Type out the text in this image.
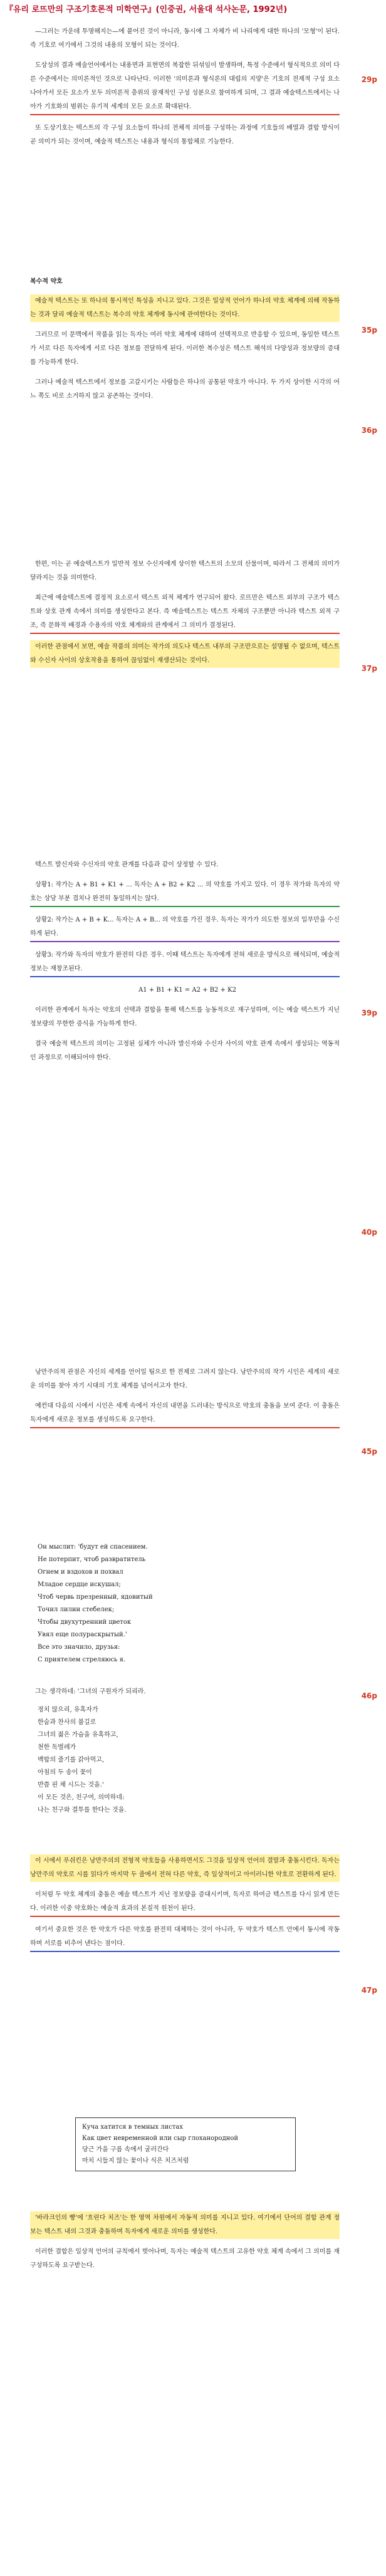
『유리 로뜨만의 구조기호론적 미학연구』(인중권, 서울대 석사논문, 1992년)

—그러는 가운데 투명해지는—에 붙어진 것이 아니라, 동시에 그 자체가 비 나리에게 대한 하나의 '모형'이 된다. 즉 기호로 여기에서 그것의 내용의 모형이 되는 것이다.

도상성의 결과 예술언어에서는 내용면과 표현면의 복잡한 뒤섞임이 발생하며, 특정 수준에서 형식적으로 의미 다른 수준에서는 의미론적인 것으로 나타난다. 이러한 '의미론과 형식론의 대립의 지양'은 기호의 전제적 구성 요소 나아가서 모든 요소가 모두 의미론적 층위의 잠재적인 구성 성분으로 참여하게 되며, 그 결과 예술텍스트에서는 나아가 기호화의 범위는 유기적 세계의 모든 요소로 확대된다.

또 도상기호는 텍스트의 각 구성 요소들이 하나의 전체적 의미를 구성하는 과정에 기호들의 배열과 결합 방식이 곧 의미가 되는 것이며, 예술적 텍스트는 내용과 형식의 통합체로 기능한다.

29p
복수적 약호

예술적 텍스트는 또 하나의 통시적인 특성을 지니고 있다. 그것은 일상적 언어가 하나의 약호 체계에 의해 작동하는 것과 달리 예술적 텍스트는 복수의 약호 체계에 동시에 관여한다는 것이다.

그러므로 이 문맥에서 작품을 읽는 독자는 여러 약호 체계에 대하여 선택적으로 반응할 수 있으며, 동일한 텍스트가 서로 다른 독자에게 서로 다른 정보를 전달하게 된다. 이러한 복수성은 텍스트 해석의 다양성과 정보량의 증대를 가능하게 한다.

그러나 예술적 텍스트에서 정보를 고갈시키는 사람들은 하나의 공통된 약호가 아니다. 두 가지 상이한 시각의 어느 쪽도 비로 소거하지 않고 공존하는 것이다.

35p
36p

한편, 이는 곧 예술텍스트가 일반적 정보 수신자에게 상이한 텍스트의 소모의 산물이며, 따라서 그 전체의 의미가 달라지는 것을 의미한다.

최근에 예술텍스트에 결정적 요소로서 텍스트 외적 체계가 연구되어 왔다. 로뜨만은 텍스트 외부의 구조가 텍스트와 상호 관계 속에서 의미를 생성한다고 본다. 즉 예술텍스트는 텍스트 자체의 구조뿐만 아니라 텍스트 외적 구조, 즉 문화적 배경과 수용자의 약호 체계와의 관계에서 그 의미가 결정된다.

이러한 관점에서 보면, 예술 작품의 의미는 작가의 의도나 텍스트 내부의 구조만으로는 설명될 수 없으며, 텍스트와 수신자 사이의 상호작용을 통하여 끊임없이 재생산되는 것이다.

37p

텍스트 발신자와 수신자의 약호 관계를 다음과 같이 상정할 수 있다.

상황1: 작가는 A + B1 + K1 + ... 독자는 A + B2 + K2 ... 의 약호를 가지고 있다. 이 경우 작가와 독자의 약호는 상당 부분 겹치나 완전히 동일하지는 않다.

상황2: 작가는 A + B + K... 독자는 A + B... 의 약호를 가진 경우. 독자는 작가가 의도한 정보의 일부만을 수신하게 된다.

상황3: 작가와 독자의 약호가 완전히 다른 경우. 이때 텍스트는 독자에게 전혀 새로운 방식으로 해석되며, 예술적 정보는 재창조된다.

A1 + B1 + K1 = A2 + B2 + K2

이러한 관계에서 독자는 약호의 선택과 결합을 통해 텍스트를 능동적으로 재구성하며, 이는 예술 텍스트가 지닌 정보량의 무한한 증식을 가능하게 한다.

결국 예술적 텍스트의 의미는 고정된 실체가 아니라 발신자와 수신자 사이의 약호 관계 속에서 생성되는 역동적인 과정으로 이해되어야 한다.

39p
40p

낭만주의적 관점은 자신의 세계를 언어일 팀으로 한 전제로 그려지 않는다. 낭만주의의 작가 시인은 세계의 새로운 의미를 찾아 자기 시대의 기호 체계를 넘어서고자 한다.

예컨대 다음의 시에서 시인은 세계 속에서 자신의 내면을 드러내는 방식으로 약호의 충돌을 보여 준다. 이 충돌은 독자에게 새로운 정보를 생성하도록 요구한다.

45p
Он мыслит: 'будут ей спасением.
Не потерпит, чтоб развратитель
Огнем и вздохов и похвал
Младое сердце искушал;
Чтоб червь презренный, ядовитый
Точил лилии стебелек;
Чтобы двухутренний цветок
Увял еще полураскрытый.'
Все это значило, друзья:
С приятелем стреляюсь я.

그는 생각하네: '그녀의 구원자가 되리라.

정치 않으리, 유혹자가
한숨과 찬사의 불길로
그녀의 젊은 가슴을 유혹하고,
천한 독벌레가
백합의 줄기를 갉아먹고,
아침의 두 송이 꽃이
반쯤 핀 채 시드는 것을.'
이 모든 것은, 친구여, 의미하네:
나는 친구와 결투를 한다는 것을.
46p

이 시에서 푸쉬킨은 낭만주의의 전형적 약호들을 사용하면서도 그것을 일상적 언어의 결말과 충돌시킨다. 독자는 낭만주의 약호로 시를 읽다가 마지막 두 줄에서 전혀 다른 약호, 즉 일상적이고 아이러니한 약호로 전환하게 된다.

이처럼 두 약호 체계의 충돌은 예술 텍스트가 지닌 정보량을 증대시키며, 독자로 하여금 텍스트를 다시 읽게 만든다. 이러한 이중 약호화는 예술적 효과의 본질적 원천이 된다.

여기서 중요한 것은 한 약호가 다른 약호를 완전히 대체하는 것이 아니라, 두 약호가 텍스트 안에서 동시에 작동하며 서로를 비추어 낸다는 점이다.

47p
Куча хатится в темных листах
Как цвет невременной или сыр глоханородной
당근 가을 구름 속에서 굴러간다
마치 시들지 않는 꽃이나 식은 치즈처럼

'바라크인의 빵'에 '흐린다 치즈'는 한 영역 차원에서 자동적 의미를 지니고 있다. 여기에서 단어의 결합 관계 정보는 텍스트 내의 그것과 충돌하며 독자에게 새로운 의미를 생성한다.

이러한 결합은 일상적 언어의 규칙에서 벗어나며, 독자는 예술적 텍스트의 고유한 약호 체계 속에서 그 의미를 재구성하도록 요구받는다.
